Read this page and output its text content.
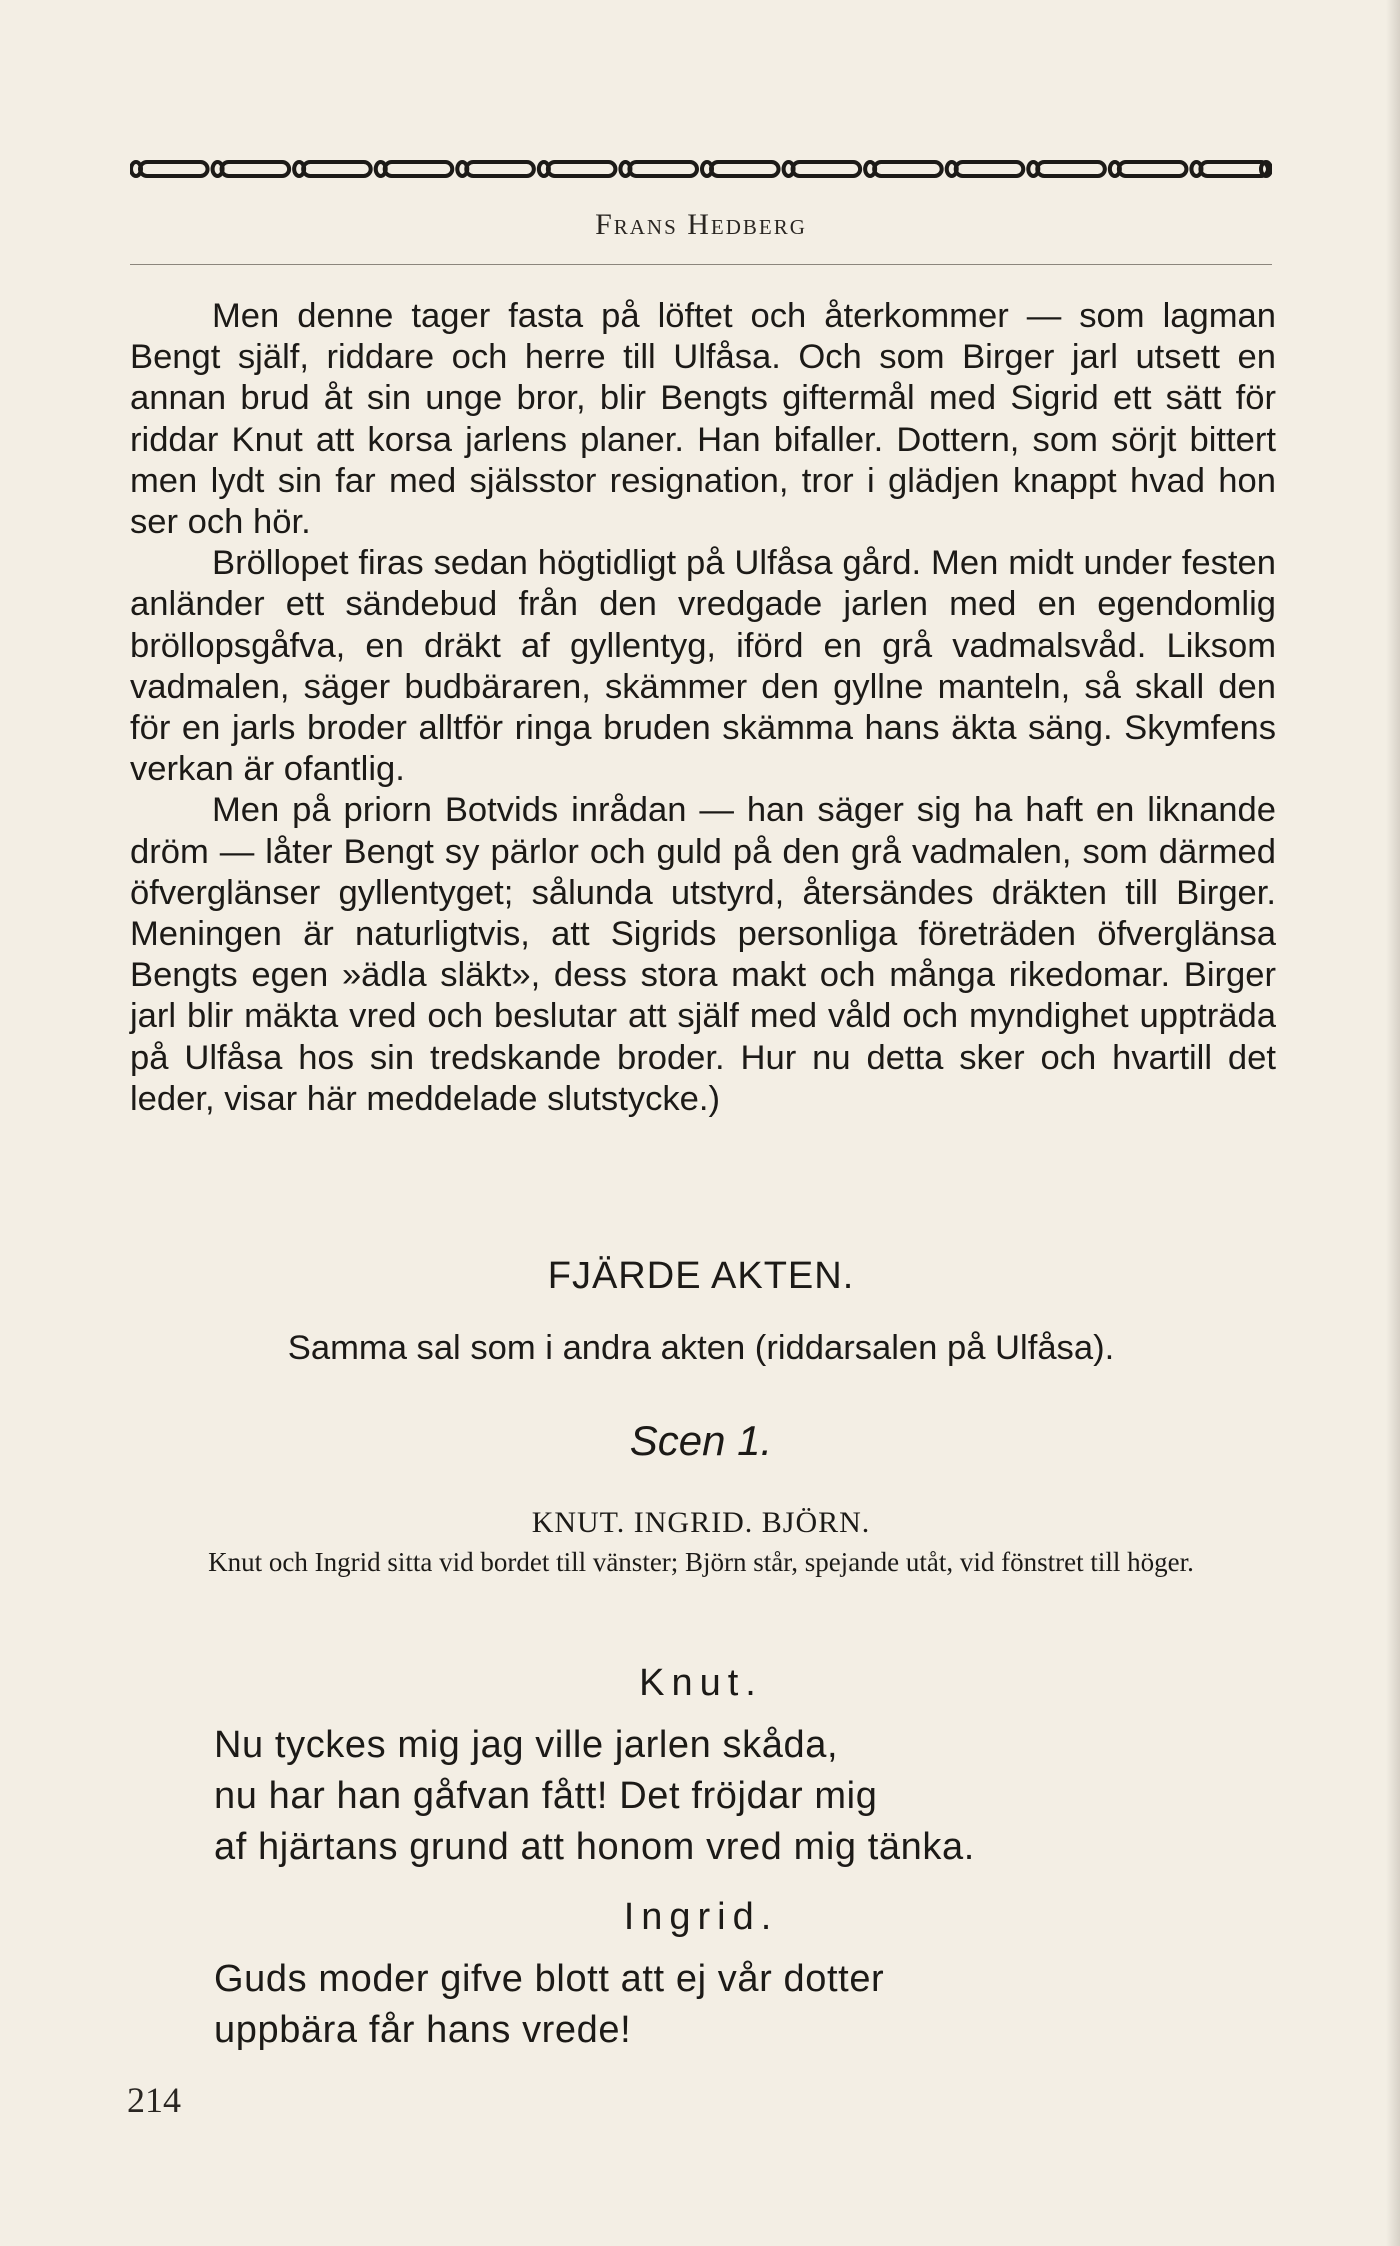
Frans Hedberg

Men denne tager fasta på löftet och återkommer — som lagman Bengt själf, riddare och herre till Ulfåsa. Och som Birger jarl utsett en annan brud åt sin unge bror, blir Bengts giftermål med Sigrid ett sätt för riddar Knut att korsa jarlens planer. Han bifaller. Dottern, som sörjt bittert men lydt sin far med själsstor resignation, tror i glädjen knappt hvad hon ser och hör.

Bröllopet firas sedan högtidligt på Ulfåsa gård. Men midt under festen anländer ett sändebud från den vredgade jarlen med en egendomlig bröllopsgåfva, en dräkt af gyllentyg, iförd en grå vadmalsvåd. Liksom vadmalen, säger budbäraren, skämmer den gyllne manteln, så skall den för en jarls broder alltför ringa bruden skämma hans äkta säng. Skymfens verkan är ofantlig.

Men på priorn Botvids inrådan — han säger sig ha haft en liknande dröm — låter Bengt sy pärlor och guld på den grå vadmalen, som därmed öfverglänser gyllentyget; sålunda utstyrd, återsändes dräkten till Birger. Meningen är naturligtvis, att Sigrids personliga företräden öfverglänsa Bengts egen »ädla släkt», dess stora makt och många rikedomar. Birger jarl blir mäkta vred och beslutar att själf med våld och myndighet uppträda på Ulfåsa hos sin tredskande broder. Hur nu detta sker och hvartill det leder, visar här meddelade slutstycke.)

FJÄRDE AKTEN.
Samma sal som i andra akten (riddarsalen på Ulfåsa).
Scen 1.
KNUT. INGRID. BJÖRN.
Knut och Ingrid sitta vid bordet till vänster; Björn står, spejande utåt, vid fönstret till höger.
Knut.
Nu tyckes mig jag ville jarlen skåda,
nu har han gåfvan fått! Det fröjdar mig
af hjärtans grund att honom vred mig tänka.
Ingrid.
Guds moder gifve blott att ej vår dotter
uppbära får hans vrede!
214
